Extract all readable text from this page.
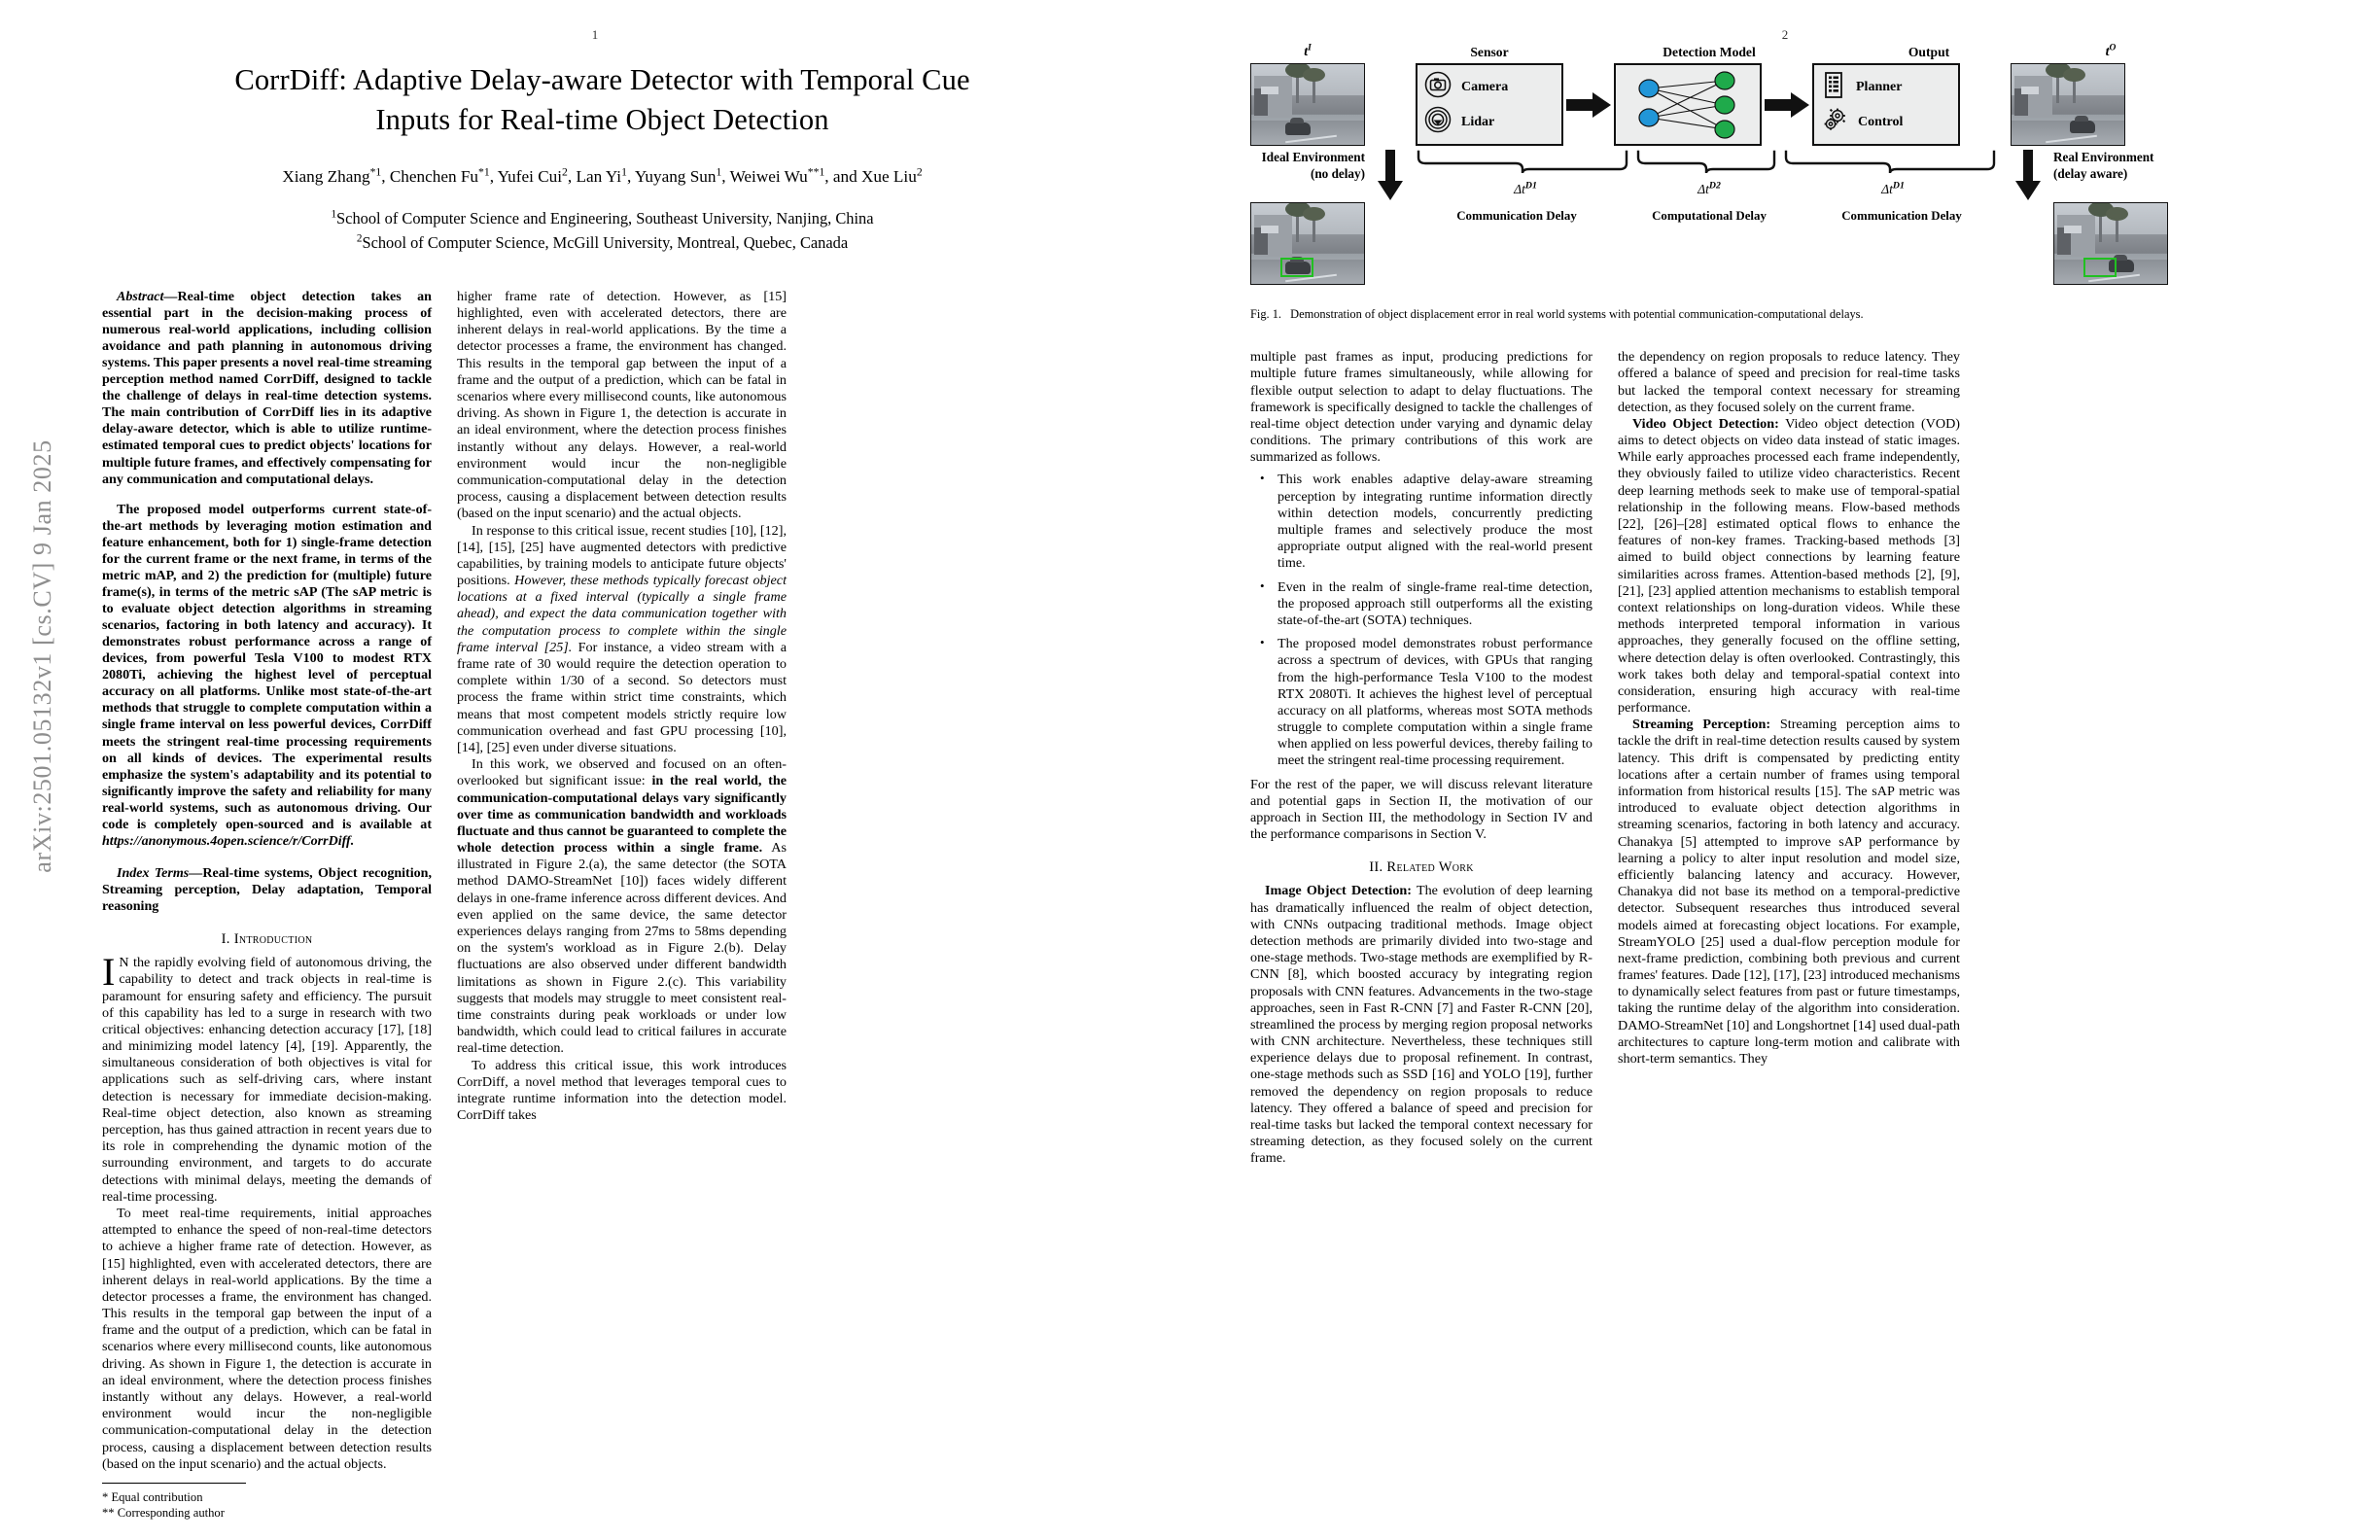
1
arXiv:2501.05132v1 [cs.CV] 9 Jan 2025
CorrDiff: Adaptive Delay-aware Detector with Temporal Cue
Inputs for Real-time Object Detection
Xiang Zhang$^{*1}$, Chenchen Fu$^{*1}$, Yufei Cui$^2$, Lan Yi$^1$, Yuyang Sun$^1$, Weiwei Wu$^{**1}$, and Xue Liu$^2$
$^1$School of Computer Science and Engineering, Southeast University, Nanjing, China
$^2$School of Computer Science, McGill University, Montreal, Quebec, Canada

Abstract—Real-time object detection takes an essential part in the decision-making process of numerous real-world applications, including collision avoidance and path planning in autonomous driving systems. This paper presents a novel real-time streaming perception method named CorrDiff, designed to tackle the challenge of delays in real-time detection systems. The main contribution of CorrDiff lies in its adaptive delay-aware detector, which is able to utilize runtime-estimated temporal cues to predict objects' locations for multiple future frames, and effectively compensating for any communication and computational delays.

The proposed model outperforms current state-of-the-art methods by leveraging motion estimation and feature enhancement, both for 1) single-frame detection for the current frame or the next frame, in terms of the metric mAP, and 2) the prediction for (multiple) future frame(s), in terms of the metric sAP (The sAP metric is to evaluate object detection algorithms in streaming scenarios, factoring in both latency and accuracy). It demonstrates robust performance across a range of devices, from powerful Tesla V100 to modest RTX 2080Ti, achieving the highest level of perceptual accuracy on all platforms. Unlike most state-of-the-art methods that struggle to complete computation within a single frame interval on less powerful devices, CorrDiff meets the stringent real-time processing requirements on all kinds of devices. The experimental results emphasize the system's adaptability and its potential to significantly improve the safety and reliability for many real-world systems, such as autonomous driving. Our code is completely open-sourced and is available at https://anonymous.4open.science/r/CorrDiff.

Index Terms—Real-time systems, Object recognition, Streaming perception, Delay adaptation, Temporal reasoning

I. Introduction

I N the rapidly evolving field of autonomous driving, the capability to detect and track objects in real-time is paramount for ensuring safety and efficiency. The pursuit of this capability has led to a surge in research with two critical objectives: enhancing detection accuracy [17], [18] and minimizing model latency [4], [19]. Apparently, the simultaneous consideration of both objectives is vital for applications such as self-driving cars, where instant detection is necessary for immediate decision-making. Real-time object detection, also known as streaming perception, has thus gained attraction in recent years due to its role in comprehending the dynamic motion of the surrounding environment, and targets to do accurate detections with minimal delays, meeting the demands of real-time processing.

To meet real-time requirements, initial approaches attempted to enhance the speed of non-real-time detectors to achieve a higher frame rate of detection. However, as [15] highlighted, even with accelerated detectors, there are inherent delays in real-world applications. By the time a detector processes a frame, the environment has changed. This results in the temporal gap between the input of a frame and the output of a prediction, which can be fatal in scenarios where every millisecond counts, like autonomous driving. As shown in Figure 1, the detection is accurate in an ideal environment, where the detection process finishes instantly without any delays. However, a real-world environment would incur the non-negligible communication-computational delay in the detection process, causing a displacement between detection results (based on the input scenario) and the actual objects.

* Equal contribution
** Corresponding author

higher frame rate of detection. However, as [15] highlighted, even with accelerated detectors, there are inherent delays in real-world applications. By the time a detector processes a frame, the environment has changed. This results in the temporal gap between the input of a frame and the output of a prediction, which can be fatal in scenarios where every millisecond counts, like autonomous driving. As shown in Figure 1, the detection is accurate in an ideal environment, where the detection process finishes instantly without any delays. However, a real-world environment would incur the non-negligible communication-computational delay in the detection process, causing a displacement between detection results (based on the input scenario) and the actual objects.

In response to this critical issue, recent studies [10], [12], [14], [15], [25] have augmented detectors with predictive capabilities, by training models to anticipate future objects' positions. However, these methods typically forecast object locations at a fixed interval (typically a single frame ahead), and expect the data communication together with the computation process to complete within the single frame interval [25]. For instance, a video stream with a frame rate of 30 would require the detection operation to complete within 1/30 of a second. So detectors must process the frame within strict time constraints, which means that most competent models strictly require low communication overhead and fast GPU processing [10], [14], [25] even under diverse situations.

In this work, we observed and focused on an often-overlooked but significant issue: in the real world, the communication-computational delays vary significantly over time as communication bandwidth and workloads fluctuate and thus cannot be guaranteed to complete the whole detection process within a single frame. As illustrated in Figure 2.(a), the same detector (the SOTA method DAMO-StreamNet [10]) faces widely different delays in one-frame inference across different devices. And even applied on the same device, the same detector experiences delays ranging from 27ms to 58ms depending on the system's workload as in Figure 2.(b). Delay fluctuations are also observed under different bandwidth limitations as shown in Figure 2.(c). This variability suggests that models may struggle to meet consistent real-time constraints during peak workloads or under low bandwidth, which could lead to critical failures in accurate real-time detection.

To address this critical issue, this work introduces CorrDiff, a novel method that leverages temporal cues to integrate runtime information into the detection model. CorrDiff takes

2
$t^I$	Sensor	Detection Model	Output	$t^O$
Camera
Lidar
Planner
Control
Ideal Environment
(no delay)
$\Delta t^{D1}$	$\Delta t^{D2}$	$\Delta t^{D1}$
Real Environment
(delay aware)
Communication Delay	Computational Delay	Communication Delay
Fig. 1. Demonstration of object displacement error in real world systems with potential communication-computational delays.

multiple past frames as input, producing predictions for multiple future frames simultaneously, while allowing for flexible output selection to adapt to delay fluctuations. The framework is specifically designed to tackle the challenges of real-time object detection under varying and dynamic delay conditions. The primary contributions of this work are summarized as follows.

• This work enables adaptive delay-aware streaming perception by integrating runtime information directly within detection models, concurrently predicting multiple frames and selectively produce the most appropriate output aligned with the real-world present time.
• Even in the realm of single-frame real-time detection, the proposed approach still outperforms all the existing state-of-the-art (SOTA) techniques.
• The proposed model demonstrates robust performance across a spectrum of devices, with GPUs that ranging from the high-performance Tesla V100 to the modest RTX 2080Ti. It achieves the highest level of perceptual accuracy on all platforms, whereas most SOTA methods struggle to complete computation within a single frame when applied on less powerful devices, thereby failing to meet the stringent real-time processing requirement.

For the rest of the paper, we will discuss relevant literature and potential gaps in Section II, the motivation of our approach in Section III, the methodology in Section IV and the performance comparisons in Section V.

II. Related Work

Image Object Detection: The evolution of deep learning has dramatically influenced the realm of object detection, with CNNs outpacing traditional methods. Image object detection methods are primarily divided into two-stage and one-stage methods. Two-stage methods are exemplified by R-CNN [8], which boosted accuracy by integrating region proposals with CNN features. Advancements in the two-stage approaches, seen in Fast R-CNN [7] and Faster R-CNN [20], streamlined the process by merging region proposal networks with CNN architecture. Nevertheless, these techniques still experience delays due to proposal refinement. In contrast, one-stage methods such as SSD [16] and YOLO [19], further removed the dependency on region proposals to reduce latency. They offered a balance of speed and precision for real-time tasks but lacked the temporal context necessary for streaming detection, as they focused solely on the current frame.

the dependency on region proposals to reduce latency. They offered a balance of speed and precision for real-time tasks but lacked the temporal context necessary for streaming detection, as they focused solely on the current frame.

Video Object Detection: Video object detection (VOD) aims to detect objects on video data instead of static images. While early approaches processed each frame independently, they obviously failed to utilize video characteristics. Recent deep learning methods seek to make use of temporal-spatial relationship in the following means. Flow-based methods [22], [26]–[28] estimated optical flows to enhance the features of non-key frames. Tracking-based methods [3] aimed to build object connections by learning feature similarities across frames. Attention-based methods [2], [9], [21], [23] applied attention mechanisms to establish temporal context relationships on long-duration videos. While these methods interpreted temporal information in various approaches, they generally focused on the offline setting, where detection delay is often overlooked. Contrastingly, this work takes both delay and temporal-spatial context into consideration, ensuring high accuracy with real-time performance.

Streaming Perception: Streaming perception aims to tackle the drift in real-time detection results caused by system latency. This drift is compensated by predicting entity locations after a certain number of frames using temporal information from historical results [15]. The sAP metric was introduced to evaluate object detection algorithms in streaming scenarios, factoring in both latency and accuracy. Chanakya [5] attempted to improve sAP performance by learning a policy to alter input resolution and model size, efficiently balancing latency and accuracy. However, Chanakya did not base its method on a temporal-predictive detector. Subsequent researches thus introduced several models aimed at forecasting object locations. For example, StreamYOLO [25] used a dual-flow perception module for next-frame prediction, combining both previous and current frames' features. Dade [12], [17], [23] introduced mechanisms to dynamically select features from past or future timestamps, taking the runtime delay of the algorithm into consideration. DAMO-StreamNet [10] and Longshortnet [14] used dual-path architectures to capture long-term motion and calibrate with short-term semantics. They
